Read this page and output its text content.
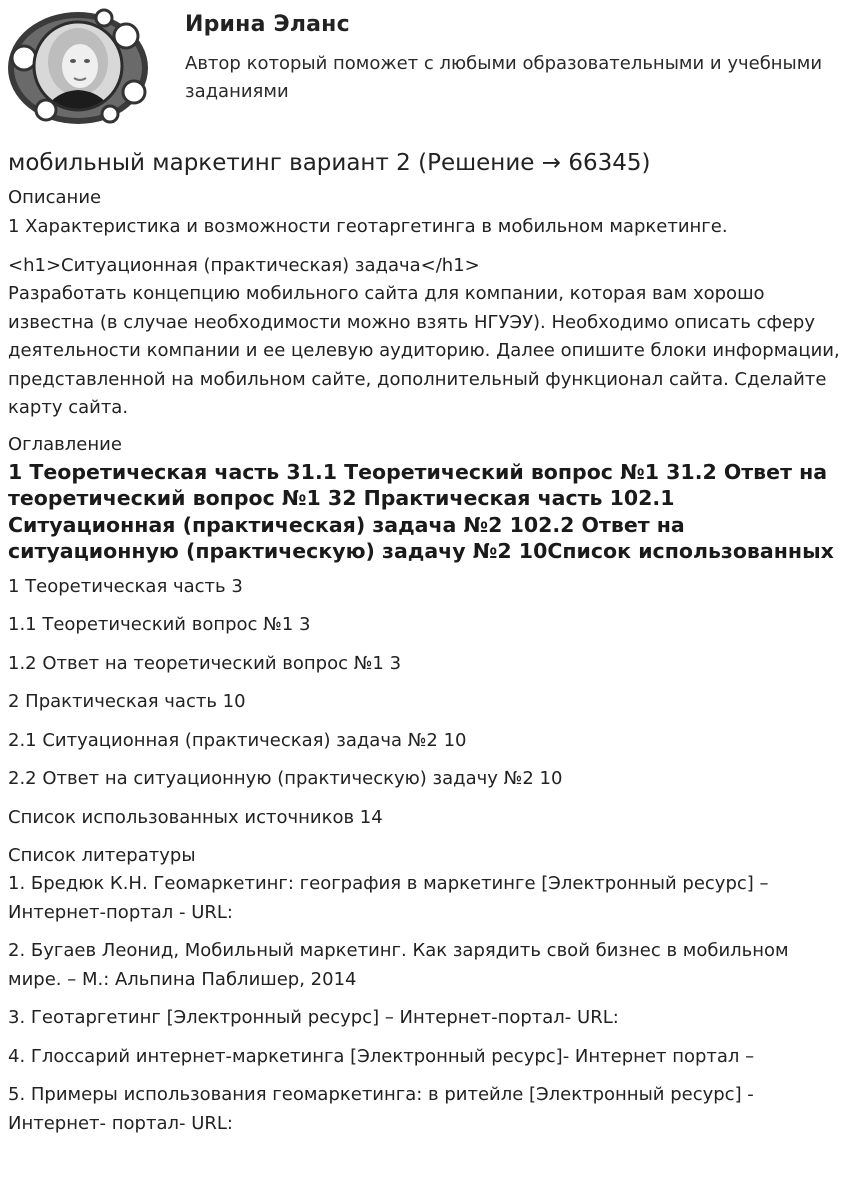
Ирина Эланс
Автор который поможет с любыми образовательными и учебными заданиями
мобильный маркетинг вариант 2 (Решение → 66345)

Описание

1 Характеристика и возможности геотаргетинга в мобильном маркетинге.

<h1>Ситуационная (практическая) задача</h1>

Разработать концепцию мобильного сайта для компании, которая вам хорошо известна (в случае необходимости можно взять НГУЭУ). Необходимо описать сферу деятельности компании и ее целевую аудиторию. Далее опишите блоки информации, представленной на мобильном сайте, дополнительный функционал сайта. Сделайте карту сайта.

Оглавление

1 Теоретическая часть 31.1 Теоретический вопрос №1 31.2 Ответ на теоретический вопрос №1 32 Практическая часть 102.1 Ситуационная (практическая) задача №2 102.2 Ответ на ситуационную (практическую) задачу №2 10Список использованных

1 Теоретическая часть 3

1.1 Теоретический вопрос №1 3

1.2 Ответ на теоретический вопрос №1 3

2 Практическая часть 10

2.1 Ситуационная (практическая) задача №2 10

2.2 Ответ на ситуационную (практическую) задачу №2 10

Список использованных источников 14

Список литературы

1. Бредюк К.Н. Геомаркетинг: география в маркетинге [Электронный ресурс] – Интернет-портал - URL:

2. Бугаев Леонид, Мобильный маркетинг. Как зарядить свой бизнес в мобильном мире. – М.: Альпина Паблишер, 2014

3. Геотаргетинг [Электронный ресурс] – Интернет-портал- URL:

4. Глоссарий интернет-маркетинга [Электронный ресурс]- Интернет портал –

5. Примеры использования геомаркетинга: в ритейле [Электронный ресурс] - Интернет- портал- URL:
